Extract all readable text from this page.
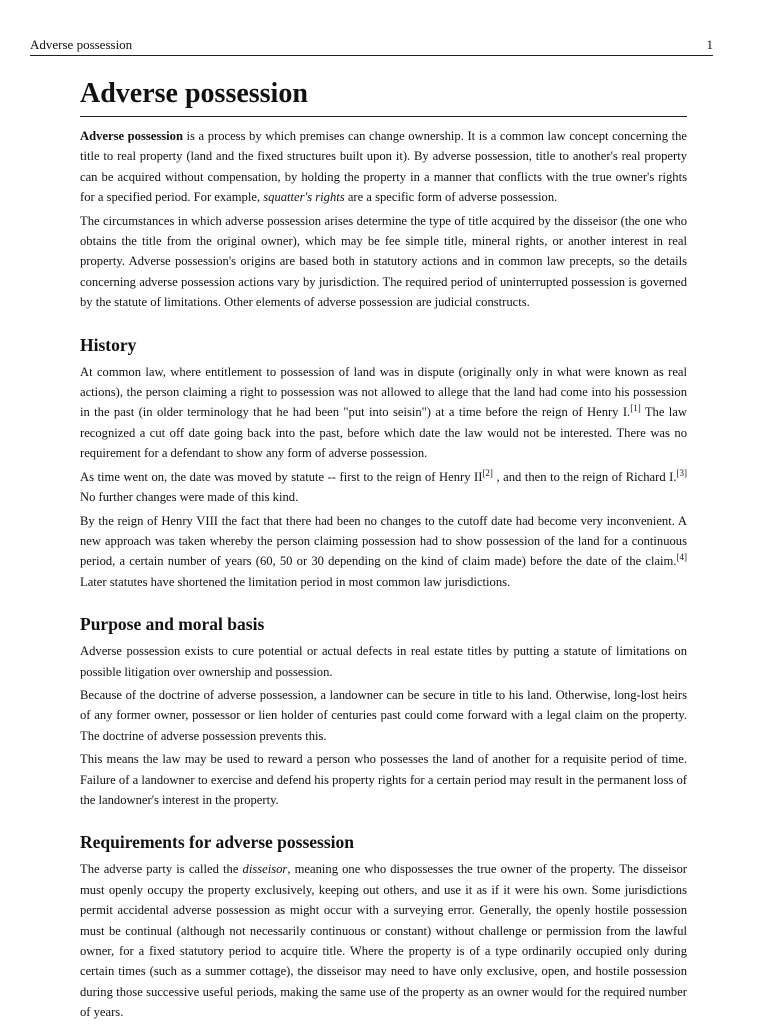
Adverse possession	1
Adverse possession

Adverse possession is a process by which premises can change ownership. It is a common law concept concerning the title to real property (land and the fixed structures built upon it). By adverse possession, title to another's real property can be acquired without compensation, by holding the property in a manner that conflicts with the true owner's rights for a specified period. For example, squatter's rights are a specific form of adverse possession.

The circumstances in which adverse possession arises determine the type of title acquired by the disseisor (the one who obtains the title from the original owner), which may be fee simple title, mineral rights, or another interest in real property. Adverse possession's origins are based both in statutory actions and in common law precepts, so the details concerning adverse possession actions vary by jurisdiction. The required period of uninterrupted possession is governed by the statute of limitations. Other elements of adverse possession are judicial constructs.

History

At common law, where entitlement to possession of land was in dispute (originally only in what were known as real actions), the person claiming a right to possession was not allowed to allege that the land had come into his possession in the past (in older terminology that he had been "put into seisin") at a time before the reign of Henry I.[1] The law recognized a cut off date going back into the past, before which date the law would not be interested. There was no requirement for a defendant to show any form of adverse possession.

As time went on, the date was moved by statute -- first to the reign of Henry II[2] , and then to the reign of Richard I.[3] No further changes were made of this kind.

By the reign of Henry VIII the fact that there had been no changes to the cutoff date had become very inconvenient. A new approach was taken whereby the person claiming possession had to show possession of the land for a continuous period, a certain number of years (60, 50 or 30 depending on the kind of claim made) before the date of the claim.[4] Later statutes have shortened the limitation period in most common law jurisdictions.

Purpose and moral basis

Adverse possession exists to cure potential or actual defects in real estate titles by putting a statute of limitations on possible litigation over ownership and possession.

Because of the doctrine of adverse possession, a landowner can be secure in title to his land. Otherwise, long-lost heirs of any former owner, possessor or lien holder of centuries past could come forward with a legal claim on the property. The doctrine of adverse possession prevents this.

This means the law may be used to reward a person who possesses the land of another for a requisite period of time. Failure of a landowner to exercise and defend his property rights for a certain period may result in the permanent loss of the landowner's interest in the property.

Requirements for adverse possession

The adverse party is called the disseisor, meaning one who dispossesses the true owner of the property. The disseisor must openly occupy the property exclusively, keeping out others, and use it as if it were his own. Some jurisdictions permit accidental adverse possession as might occur with a surveying error. Generally, the openly hostile possession must be continual (although not necessarily continuous or constant) without challenge or permission from the lawful owner, for a fixed statutory period to acquire title. Where the property is of a type ordinarily occupied only during certain times (such as a summer cottage), the disseisor may need to have only exclusive, open, and hostile possession during those successive useful periods, making the same use of the property as an owner would for the required number of years.
